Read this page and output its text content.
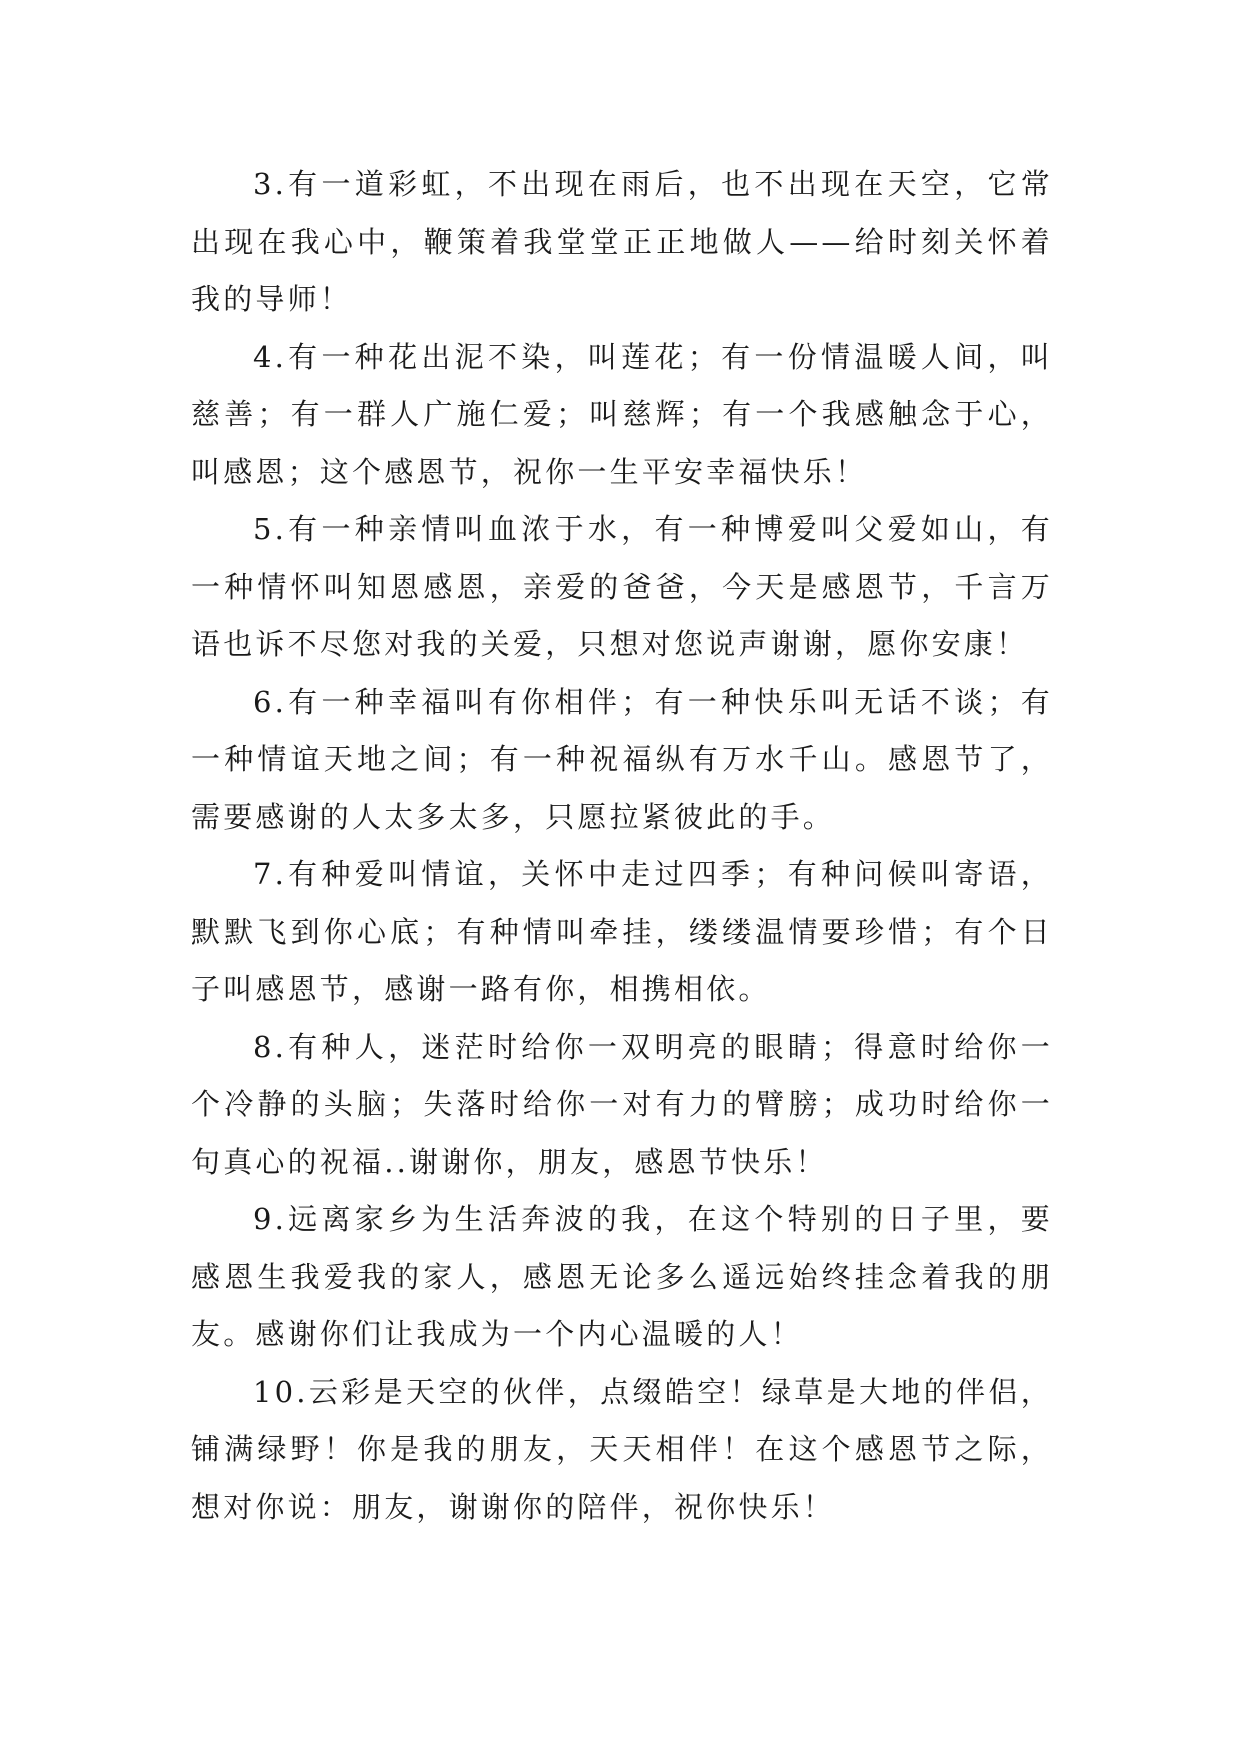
3.有一道彩虹，不出现在雨后，也不出现在天空，它常出现在我心中，鞭策着我堂堂正正地做人——给时刻关怀着我的导师！

4.有一种花出泥不染，叫莲花；有一份情温暖人间，叫慈善；有一群人广施仁爱；叫慈辉；有一个我感触念于心，叫感恩；这个感恩节，祝你一生平安幸福快乐！

5.有一种亲情叫血浓于水，有一种博爱叫父爱如山，有一种情怀叫知恩感恩，亲爱的爸爸，今天是感恩节，千言万语也诉不尽您对我的关爱，只想对您说声谢谢，愿你安康！

6.有一种幸福叫有你相伴；有一种快乐叫无话不谈；有一种情谊天地之间；有一种祝福纵有万水千山。感恩节了，需要感谢的人太多太多，只愿拉紧彼此的手。

7.有种爱叫情谊，关怀中走过四季；有种问候叫寄语，默默飞到你心底；有种情叫牵挂，缕缕温情要珍惜；有个日子叫感恩节，感谢一路有你，相携相依。

8.有种人，迷茫时给你一双明亮的眼睛；得意时给你一个冷静的头脑；失落时给你一对有力的臂膀；成功时给你一句真心的祝福..谢谢你，朋友，感恩节快乐！

9.远离家乡为生活奔波的我，在这个特别的日子里，要感恩生我爱我的家人，感恩无论多么遥远始终挂念着我的朋友。感谢你们让我成为一个内心温暖的人！

10.云彩是天空的伙伴，点缀皓空！绿草是大地的伴侣，铺满绿野！你是我的朋友，天天相伴！在这个感恩节之际，想对你说：朋友，谢谢你的陪伴，祝你快乐！
